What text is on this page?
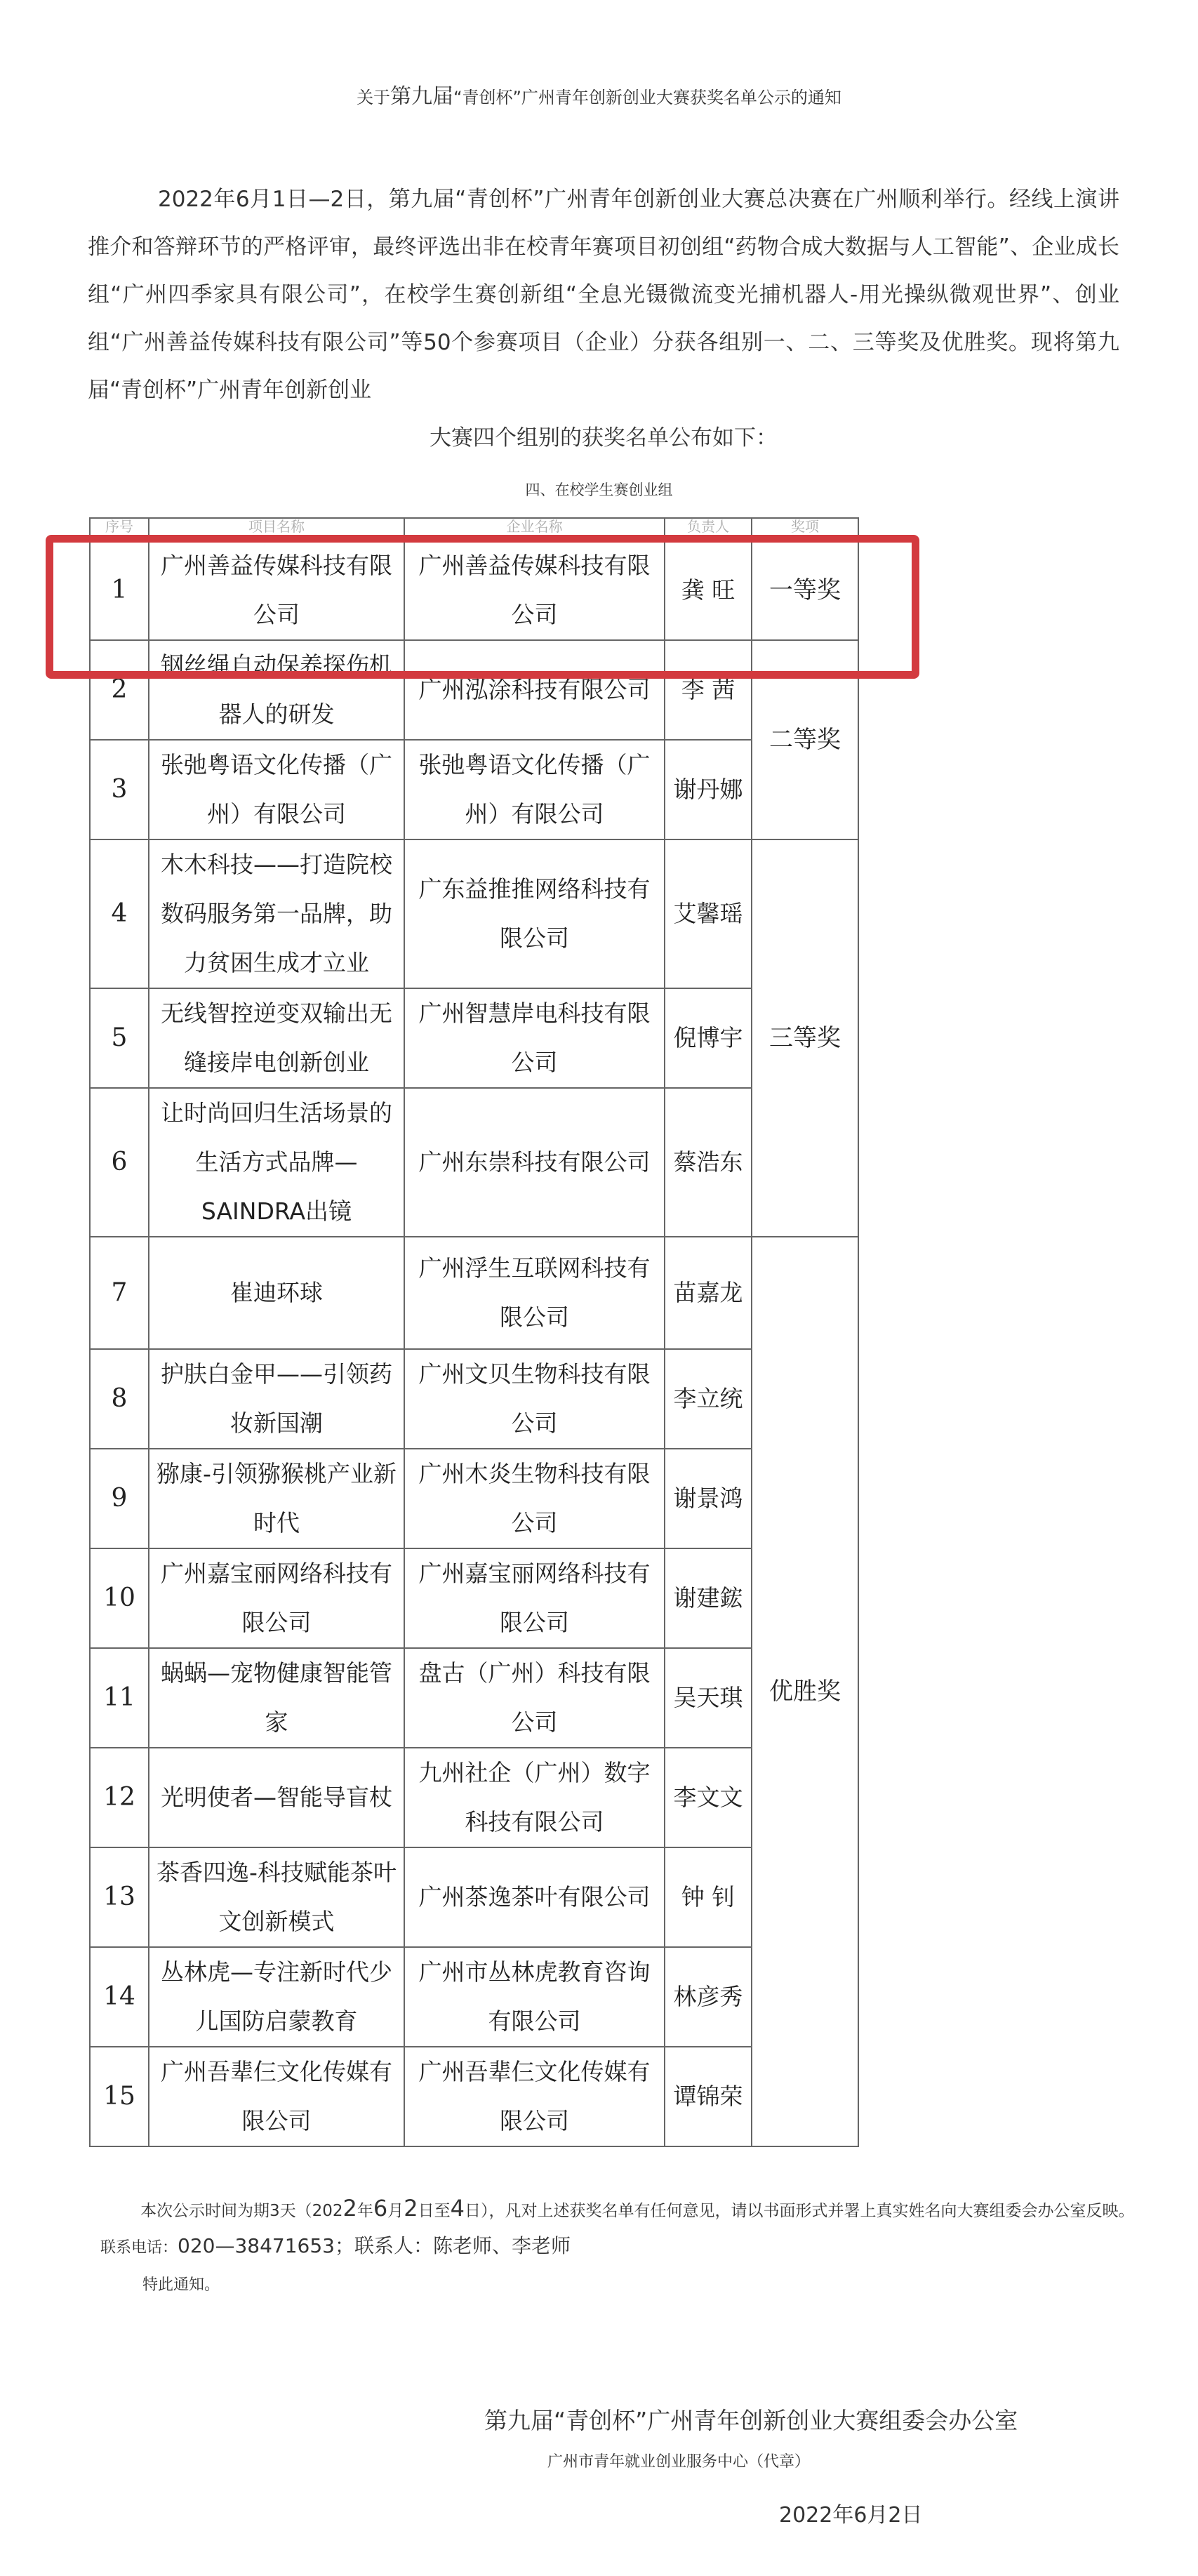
关于第九届“青创杯”广州青年创新创业大赛获奖名单公示的通知

2022年6月1日—2日，第九届“青创杯”广州青年创新创业大赛总决赛在广州顺利举行。经线上演讲推介和答辩环节的严格评审，最终评选出非在校青年赛项目初创组“药物合成大数据与人工智能”、企业成长组“广州四季家具有限公司”，在校学生赛创新组“全息光镊微流变光捕机器人-用光操纵微观世界”、创业组“广州善益传媒科技有限公司”等50个参赛项目（企业）分获各组别一、二、三等奖及优胜奖。现将第九届“青创杯”广州青年创新创业

大赛四个组别的获奖名单公布如下：

四、在校学生赛创业组
序号	项目名称	企业名称	负责人	奖项
1	广州善益传媒科技有限公司	广州善益传媒科技有限公司	龚 旺	一等奖
2	钢丝绳自动保养探伤机器人的研发	广州泓涂科技有限公司	李 茜	二等奖
3	张弛粤语文化传播（广州）有限公司	张弛粤语文化传播（广州）有限公司	谢丹娜	
4	木木科技——打造院校数码服务第一品牌，助力贫困生成才立业	广东益推推网络科技有限公司	艾馨瑶	三等奖
5	无线智控逆变双输出无缝接岸电创新创业	广州智慧岸电科技有限公司	倪博宇	
6	让时尚回归生活场景的生活方式品牌—SAINDRA出镜	广州东崇科技有限公司	蔡浩东	
7	崔迪环球	广州浮生互联网科技有限公司	苗嘉龙	优胜奖
8	护肤白金甲——引领药妆新国潮	广州文贝生物科技有限公司	李立统	
9	猕康-引领猕猴桃产业新时代	广州木炎生物科技有限公司	谢景鸿	
10	广州嘉宝丽网络科技有限公司	广州嘉宝丽网络科技有限公司	谢建鋐	
11	蜗蜗—宠物健康智能管家	盘古（广州）科技有限公司	吴天琪	
12	光明使者—智能导盲杖	九州社企（广州）数字科技有限公司	李文文	
13	茶香四逸-科技赋能茶叶文创新模式	广州茶逸茶叶有限公司	钟 钊	
14	丛林虎—专注新时代少儿国防启蒙教育	广州市丛林虎教育咨询有限公司	林彦秀	
15	广州吾辈仨文化传媒有限公司	广州吾辈仨文化传媒有限公司	谭锦荣	
本次公示时间为期3天（2022年6月2日至4日），凡对上述获奖名单有任何意见，请以书面形式并署上真实姓名向大赛组委会办公室反映。
联系电话：020—38471653；联系人：陈老师、李老师
特此通知。
第九届“青创杯”广州青年创新创业大赛组委会办公室
广州市青年就业创业服务中心（代章）
2022年6月2日
